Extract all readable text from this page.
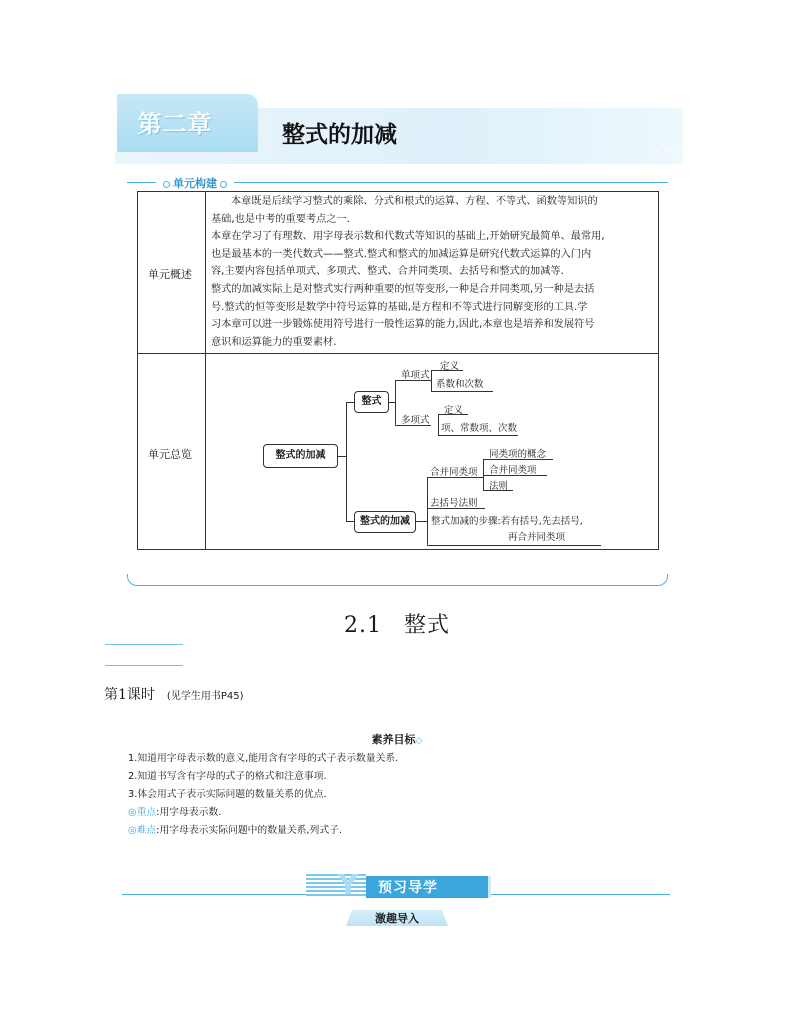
第二章	整式的加减
> > >
单元构建
单元概述

本章既是后续学习整式的乘除、分式和根式的运算、方程、不等式、函数等知识的

基础,也是中考的重要考点之一.

本章在学习了有理数、用字母表示数和代数式等知识的基础上,开始研究最简单、最常用,

也是最基本的一类代数式——整式.整式和整式的加减运算是研究代数式运算的入门内

容,主要内容包括单项式、多项式、整式、合并同类项、去括号和整式的加减等.

整式的加减实际上是对整式实行两种重要的恒等变形,一种是合并同类项,另一种是去括

号.整式的恒等变形是数学中符号运算的基础,是方程和不等式进行同解变形的工具.学

习本章可以进一步锻炼使用符号进行一般性运算的能力,因此,本章也是培养和发展符号

意识和运算能力的重要素材.

单元总览	整式的加减
整式
单项式
多项式
定义
系数和次数
定义
项、常数项、次数
整式的加减
合并同类项
去括号法则
整式加减的步骤:若有括号,先去括号,
再合并同类项
同类项的概念
合并同类项
法则
2.1 整式
第1课时 (见学生用书P45)
素养目标◇
1.知道用字母表示数的意义,能用含有字母的式子表示数量关系.
2.知道书写含有字母的式子的格式和注意事项.
3.体会用式子表示实际问题的数量关系的优点.
◎重点:用字母表示数.
◎难点:用字母表示实际问题中的数量关系,列式子.
Y 预习导学
激趣导入
